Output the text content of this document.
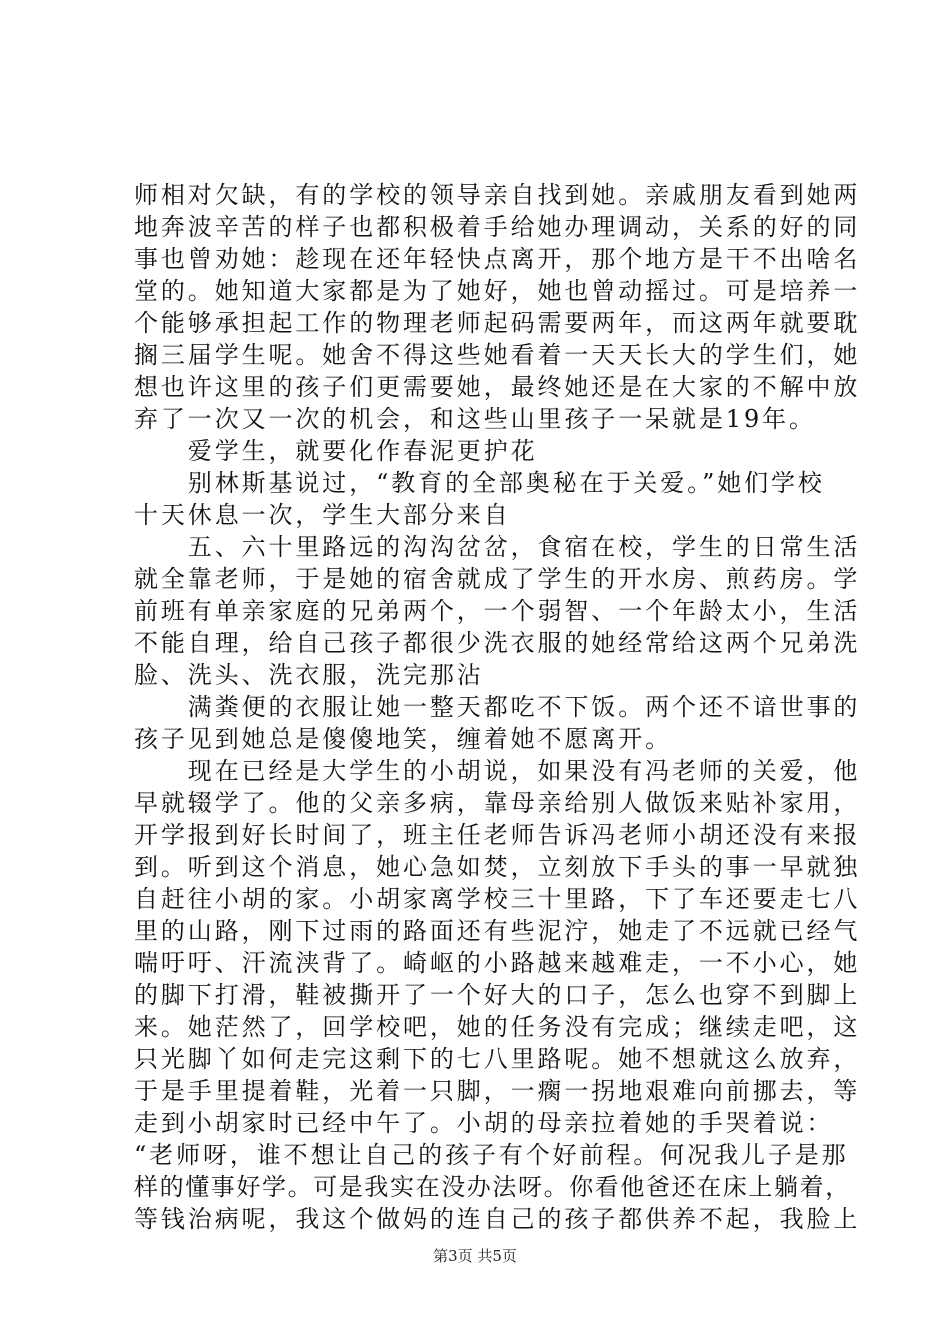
师相对欠缺，有的学校的领导亲自找到她。亲戚朋友看到她两
地奔波辛苦的样子也都积极着手给她办理调动，关系的好的同
事也曾劝她：趁现在还年轻快点离开，那个地方是干不出啥名
堂的。她知道大家都是为了她好，她也曾动摇过。可是培养一
个能够承担起工作的物理老师起码需要两年，而这两年就要耽
搁三届学生呢。她舍不得这些她看着一天天长大的学生们，她
想也许这里的孩子们更需要她，最终她还是在大家的不解中放
弃了一次又一次的机会，和这些山里孩子一呆就是19年。
　　爱学生，就要化作春泥更护花
　　别林斯基说过，“教育的全部奥秘在于关爱。”她们学校
十天休息一次，学生大部分来自
　　五、六十里路远的沟沟岔岔，食宿在校，学生的日常生活
就全靠老师，于是她的宿舍就成了学生的开水房、煎药房。学
前班有单亲家庭的兄弟两个，一个弱智、一个年龄太小，生活
不能自理，给自己孩子都很少洗衣服的她经常给这两个兄弟洗
脸、洗头、洗衣服，洗完那沾
　　满粪便的衣服让她一整天都吃不下饭。两个还不谙世事的
孩子见到她总是傻傻地笑，缠着她不愿离开。
　　现在已经是大学生的小胡说，如果没有冯老师的关爱，他
早就辍学了。他的父亲多病，靠母亲给别人做饭来贴补家用，
开学报到好长时间了，班主任老师告诉冯老师小胡还没有来报
到。听到这个消息，她心急如焚，立刻放下手头的事一早就独
自赶往小胡的家。小胡家离学校三十里路，下了车还要走七八
里的山路，刚下过雨的路面还有些泥泞，她走了不远就已经气
喘吁吁、汗流浃背了。崎岖的小路越来越难走，一不小心，她
的脚下打滑，鞋被撕开了一个好大的口子，怎么也穿不到脚上
来。她茫然了，回学校吧，她的任务没有完成；继续走吧，这
只光脚丫如何走完这剩下的七八里路呢。她不想就这么放弃，
于是手里提着鞋，光着一只脚，一瘸一拐地艰难向前挪去，等
走到小胡家时已经中午了。小胡的母亲拉着她的手哭着说：
“老师呀，谁不想让自己的孩子有个好前程。何况我儿子是那
样的懂事好学。可是我实在没办法呀。你看他爸还在床上躺着，
等钱治病呢，我这个做妈的连自己的孩子都供养不起，我脸上
第3页 共5页
